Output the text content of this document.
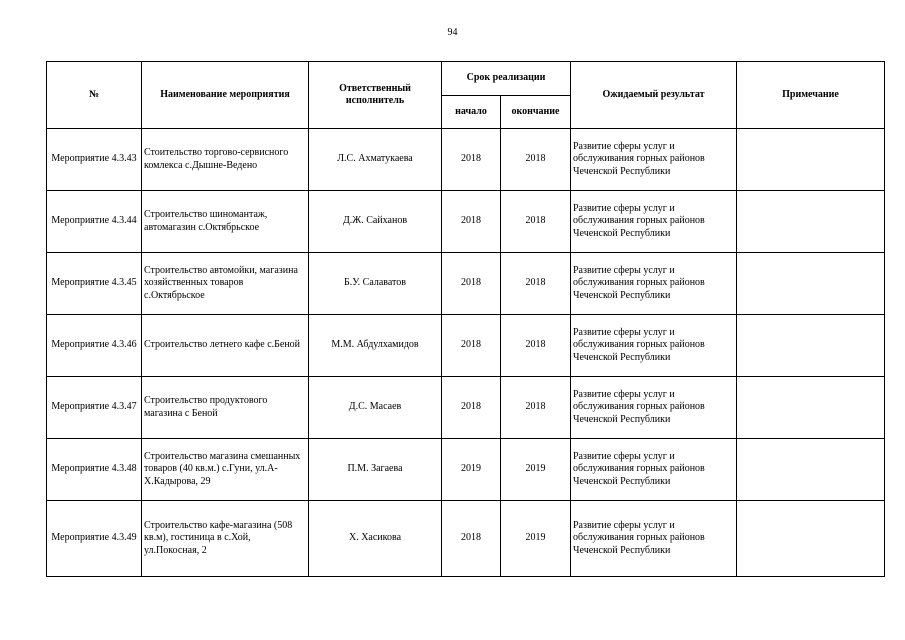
94
№	Наименование мероприятия	Ответственный исполнитель	Срок реализации		Ожидаемый результат	Примечание
			начало	окончание		
Мероприятие 4.3.43	Стоительство торгово-сервисного комлекса с.Дышне-Ведено	Л.С. Ахматукаева	2018	2018	Развитие сферы услуг и обслуживания горных районов Чеченской Республики	
Мероприятие 4.3.44	Строительство шиномантаж, автомагазин с.Октябрьское	Д.Ж. Сайханов	2018	2018	Развитие сферы услуг и обслуживания горных районов Чеченской Республики	
Мероприятие 4.3.45	Строительство автомойки, магазина хозяйственных товаров с.Октябрьское	Б.У. Салаватов	2018	2018	Развитие сферы услуг и обслуживания горных районов Чеченской Республики	
Мероприятие 4.3.46	Строительство летнего кафе с.Беной	М.М. Абдулхамидов	2018	2018	Развитие сферы услуг и обслуживания горных районов Чеченской Республики	
Мероприятие 4.3.47	Строительство продуктового магазина с Беной	Д.С. Масаев	2018	2018	Развитие сферы услуг и обслуживания горных районов Чеченской Республики	
Мероприятие 4.3.48	Строительство магазина смешанных товаров (40 кв.м.) с.Гуни, ул.А-Х.Кадырова, 29	П.М. Загаева	2019	2019	Развитие сферы услуг и обслуживания горных районов Чеченской Республики	
Мероприятие 4.3.49	Строительство кафе-магазина (508 кв.м), гостиница в с.Хой, ул.Покосная, 2	Х. Хасикова	2018	2019	Развитие сферы услуг и обслуживания горных районов Чеченской Республики	
